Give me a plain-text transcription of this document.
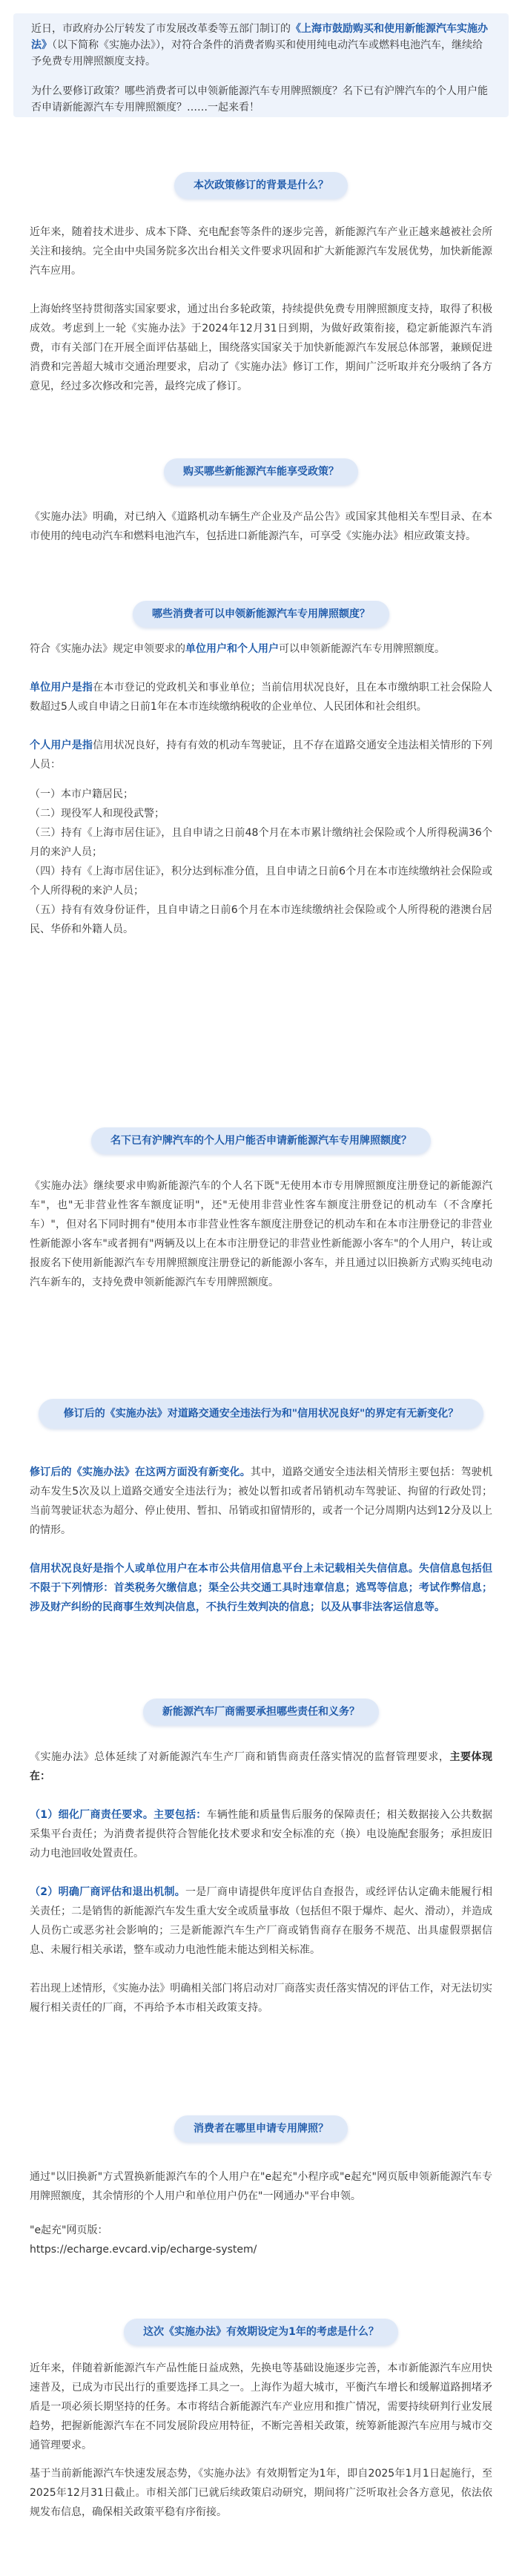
近日，市政府办公厅转发了市发展改革委等五部门制订的《上海市鼓励购买和使用新能源汽车实施办法》（以下简称《实施办法》），对符合条件的消费者购买和使用纯电动汽车或燃料电池汽车，继续给予免费专用牌照额度支持。

为什么要修订政策？哪些消费者可以申领新能源汽车专用牌照额度？名下已有沪牌汽车的个人用户能否申请新能源汽车专用牌照额度？……一起来看！

本次政策修订的背景是什么？

近年来，随着技术进步、成本下降、充电配套等条件的逐步完善，新能源汽车产业正越来越被社会所关注和接纳。完全由中央国务院多次出台相关文件要求巩固和扩大新能源汽车发展优势，加快新能源汽车应用。

上海始终坚持贯彻落实国家要求，通过出台多轮政策，持续提供免费专用牌照额度支持，取得了积极成效。考虑到上一轮《实施办法》于2024年12月31日到期，为做好政策衔接，稳定新能源汽车消费，市有关部门在开展全面评估基础上，围绕落实国家关于加快新能源汽车发展总体部署，兼顾促进消费和完善超大城市交通治理要求，启动了《实施办法》修订工作，期间广泛听取并充分吸纳了各方意见，经过多次修改和完善，最终完成了修订。

购买哪些新能源汽车能享受政策？

《实施办法》明确，对已纳入《道路机动车辆生产企业及产品公告》或国家其他相关车型目录、在本市使用的纯电动汽车和燃料电池汽车，包括进口新能源汽车，可享受《实施办法》相应政策支持。

哪些消费者可以申领新能源汽车专用牌照额度？

符合《实施办法》规定申领要求的单位用户和个人用户可以申领新能源汽车专用牌照额度。

单位用户是指在本市登记的党政机关和事业单位；当前信用状况良好，且在本市缴纳职工社会保险人数超过5人或自申请之日前1年在本市连续缴纳税收的企业单位、人民团体和社会组织。

个人用户是指信用状况良好，持有有效的机动车驾驶证，且不存在道路交通安全违法相关情形的下列人员：

（一）本市户籍居民；

（二）现役军人和现役武警；

（三）持有《上海市居住证》，且自申请之日前48个月在本市累计缴纳社会保险或个人所得税满36个月的来沪人员；

（四）持有《上海市居住证》，积分达到标准分值，且自申请之日前6个月在本市连续缴纳社会保险或个人所得税的来沪人员；

（五）持有有效身份证件，且自申请之日前6个月在本市连续缴纳社会保险或个人所得税的港澳台居民、华侨和外籍人员。

名下已有沪牌汽车的个人用户能否申请新能源汽车专用牌照额度？

《实施办法》继续要求申购新能源汽车的个人名下既"无使用本市专用牌照额度注册登记的新能源汽车"，也"无非营业性客车额度证明"，还"无使用非营业性客车额度注册登记的机动车（不含摩托车）"，但对名下同时拥有"使用本市非营业性客车额度注册登记的机动车和在本市注册登记的非营业性新能源小客车"或者拥有"两辆及以上在本市注册登记的非营业性新能源小客车"的个人用户，转让或报废名下使用新能源汽车专用牌照额度注册登记的新能源小客车，并且通过以旧换新方式购买纯电动汽车新车的，支持免费申领新能源汽车专用牌照额度。

修订后的《实施办法》对道路交通安全违法行为和"信用状况良好"的界定有无新变化？

修订后的《实施办法》在这两方面没有新变化。其中，道路交通安全违法相关情形主要包括：驾驶机动车发生5次及以上道路交通安全违法行为；被处以暂扣或者吊销机动车驾驶证、拘留的行政处罚；当前驾驶证状态为超分、停止使用、暂扣、吊销或扣留情形的，或者一个记分周期内达到12分及以上的情形。

信用状况良好是指个人或单位用户在本市公共信用信息平台上未记载相关失信信息。失信信息包括但不限于下列情形：首类税务欠缴信息；渠全公共交通工具时违章信息；逃骂等信息；考试作弊信息；涉及财产纠纷的民商事生效判决信息，不执行生效判决的信息；以及从事非法客运信息等。

新能源汽车厂商需要承担哪些责任和义务？

《实施办法》总体延续了对新能源汽车生产厂商和销售商责任落实情况的监督管理要求，主要体现在：

（1）细化厂商责任要求。主要包括：车辆性能和质量售后服务的保障责任；相关数据接入公共数据采集平台责任；为消费者提供符合智能化技术要求和安全标准的充（换）电设施配套服务；承担废旧动力电池回收处置责任。

（2）明确厂商评估和退出机制。一是厂商申请提供年度评估自查报告，或经评估认定确未能履行相关责任；二是销售的新能源汽车发生重大安全或质量事故（包括但不限于爆炸、起火、滑动），并造成人员伤亡或恶劣社会影响的；三是新能源汽车生产厂商或销售商存在服务不规范、出具虚假票据信息、未履行相关承诺，整车或动力电池性能未能达到相关标准。

若出现上述情形，《实施办法》明确相关部门将启动对厂商落实责任落实情况的评估工作，对无法切实履行相关责任的厂商，不再给予本市相关政策支持。

消费者在哪里申请专用牌照？

通过"以旧换新"方式置换新能源汽车的个人用户在"e起充"小程序或"e起充"网页版申领新能源汽车专用牌照额度，其余情形的个人用户和单位用户仍在"一网通办"平台申领。

"e起充"网页版：

https://echarge.evcard.vip/echarge-system/

这次《实施办法》有效期设定为1年的考虑是什么？

近年来，伴随着新能源汽车产品性能日益成熟，先换电等基础设施逐步完善，本市新能源汽车应用快速普及，已成为市民出行的重要选择工具之一。上海作为超大城市，平衡汽车增长和缓解道路拥堵矛盾是一项必须长期坚持的任务。本市将结合新能源汽车产业应用和推广情况，需要持续研判行业发展趋势，把握新能源汽车在不同发展阶段应用特征，不断完善相关政策，统筹新能源汽车应用与城市交通管理要求。

基于当前新能源汽车快速发展态势，《实施办法》有效期暂定为1年，即自2025年1月1日起施行，至2025年12月31日截止。市相关部门已就后续政策启动研究，期间将广泛听取社会各方意见，依法依规发布信息，确保相关政策平稳有序衔接。
